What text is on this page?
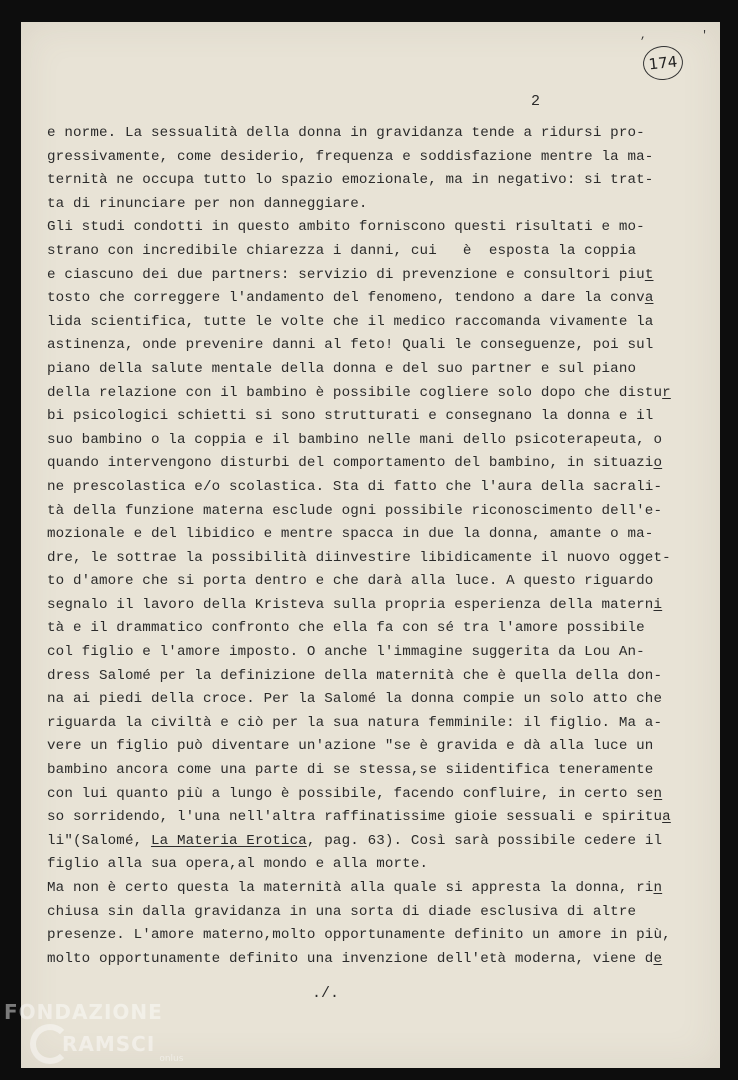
, '
174
2
e norme. La sessualità della donna in gravidanza tende a ridursi pro-
gressivamente, come desiderio, frequenza e soddisfazione mentre la ma-
ternità ne occupa tutto lo spazio emozionale, ma in negativo: si trat-
ta di rinunciare per non danneggiare.
Gli studi condotti in questo ambito forniscono questi risultati e mo-
strano con incredibile chiarezza i danni, cui   è  esposta la coppia
e ciascuno dei due partners: servizio di prevenzione e consultori piut
tosto che correggere l'andamento del fenomeno, tendono a dare la conva
lida scientifica, tutte le volte che il medico raccomanda vivamente la
astinenza, onde prevenire danni al feto! Quali le conseguenze, poi sul
piano della salute mentale della donna e del suo partner e sul piano
della relazione con il bambino è possibile cogliere solo dopo che distur
bi psicologici schietti si sono strutturati e consegnano la donna e il
suo bambino o la coppia e il bambino nelle mani dello psicoterapeuta, o
quando intervengono disturbi del comportamento del bambino, in situazio
ne prescolastica e/o scolastica. Sta di fatto che l'aura della sacrali-
tà della funzione materna esclude ogni possibile riconoscimento dell'e-
mozionale e del libidico e mentre spacca in due la donna, amante o ma-
dre, le sottrae la possibilità diinvestire libidicamente il nuovo ogget-
to d'amore che si porta dentro e che darà alla luce. A questo riguardo
segnalo il lavoro della Kristeva sulla propria esperienza della materni
tà e il drammatico confronto che ella fa con sé tra l'amore possibile
col figlio e l'amore imposto. O anche l'immagine suggerita da Lou An-
dress Salomé per la definizione della maternità che è quella della don-
na ai piedi della croce. Per la Salomé la donna compie un solo atto che
riguarda la civiltà e ciò per la sua natura femminile: il figlio. Ma a-
vere un figlio può diventare un'azione "se è gravida e dà alla luce un
bambino ancora come una parte di se stessa,se siidentifica teneramente
con lui quanto più a lungo è possibile, facendo confluire, in certo sen
so sorridendo, l'una nell'altra raffinatissime gioie sessuali e spiritua
li"(Salomé, La Materia Erotica, pag. 63). Così sarà possibile cedere il
figlio alla sua opera,al mondo e alla morte.
Ma non è certo questa la maternità alla quale si appresta la donna, rin
chiusa sin dalla gravidanza in una sorta di diade esclusiva di altre
presenze. L'amore materno,molto opportunamente definito un amore in più,
molto opportunamente definito una invenzione dell'età moderna, viene de
./.
FONDAZIONE
RAMSCIonlus
